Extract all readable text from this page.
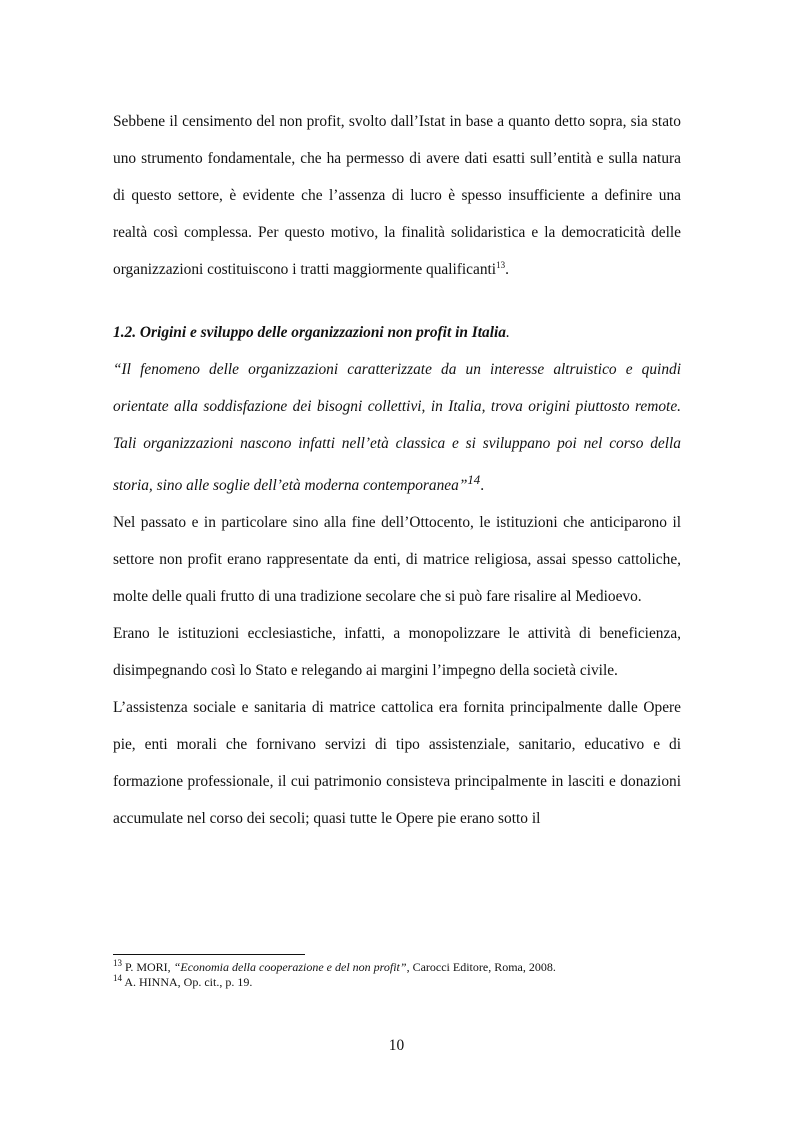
Sebbene il censimento del non profit, svolto dall’Istat in base a quanto detto sopra, sia stato uno strumento fondamentale, che ha permesso di avere dati esatti sull’entità e sulla natura di questo settore, è evidente che l’assenza di lucro è spesso insufficiente a definire una realtà così complessa. Per questo motivo, la finalità solidaristica e la democraticità delle organizzazioni costituiscono i tratti maggiormente qualificanti$^{13}$.

1.2. Origini e sviluppo delle organizzazioni non profit in Italia.

“Il fenomeno delle organizzazioni caratterizzate da un interesse altruistico e quindi orientate alla soddisfazione dei bisogni collettivi, in Italia, trova origini piuttosto remote. Tali organizzazioni nascono infatti nell’età classica e si sviluppano poi nel corso della storia, sino alle soglie dell’età moderna contemporanea”$^{14}$.

Nel passato e in particolare sino alla fine dell’Ottocento, le istituzioni che anticiparono il settore non profit erano rappresentate da enti, di matrice religiosa, assai spesso cattoliche, molte delle quali frutto di una tradizione secolare che si può fare risalire al Medioevo.

Erano le istituzioni ecclesiastiche, infatti, a monopolizzare le attività di beneficienza, disimpegnando così lo Stato e relegando ai margini l’impegno della società civile.

L’assistenza sociale e sanitaria di matrice cattolica era fornita principalmente dalle Opere pie, enti morali che fornivano servizi di tipo assistenziale, sanitario, educativo e di formazione professionale, il cui patrimonio consisteva principalmente in lasciti e donazioni accumulate nel corso dei secoli; quasi tutte le Opere pie erano sotto il

$^{13}$ P. MORI, “Economia della cooperazione e del non profit”, Carocci Editore, Roma, 2008.

$^{14}$ A. HINNA, Op. cit., p. 19.

10
